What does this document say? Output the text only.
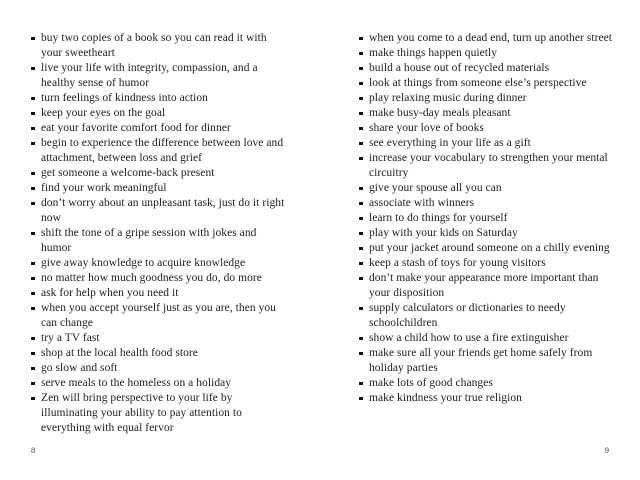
buy two copies of a book so you can read it with your sweetheart
live your life with integrity, compassion, and a healthy sense of humor
turn feelings of kindness into action
keep your eyes on the goal
eat your favorite comfort food for dinner
begin to experience the difference between love and attachment, between loss and grief
get someone a welcome-back present
find your work meaningful
don’t worry about an unpleasant task, just do it right now
shift the tone of a gripe session with jokes and humor
give away knowledge to acquire knowledge
no matter how much goodness you do, do more
ask for help when you need it
when you accept yourself just as you are, then you can change
try a TV fast
shop at the local health food store
go slow and soft
serve meals to the homeless on a holiday
Zen will bring perspective to your life by illuminating your ability to pay attention to everything with equal fervor
when you come to a dead end, turn up another street
make things happen quietly
build a house out of recycled materials
look at things from someone else’s perspective
play relaxing music during dinner
make busy-day meals pleasant
share your love of books
see everything in your life as a gift
increase your vocabulary to strengthen your mental circuitry
give your spouse all you can
associate with winners
learn to do things for yourself
play with your kids on Saturday
put your jacket around someone on a chilly evening
keep a stash of toys for young visitors
don’t make your appearance more important than your disposition
supply calculators or dictionaries to needy schoolchildren
show a child how to use a fire extinguisher
make sure all your friends get home safely from holiday parties
make lots of good changes
make kindness your true religion
8	9
